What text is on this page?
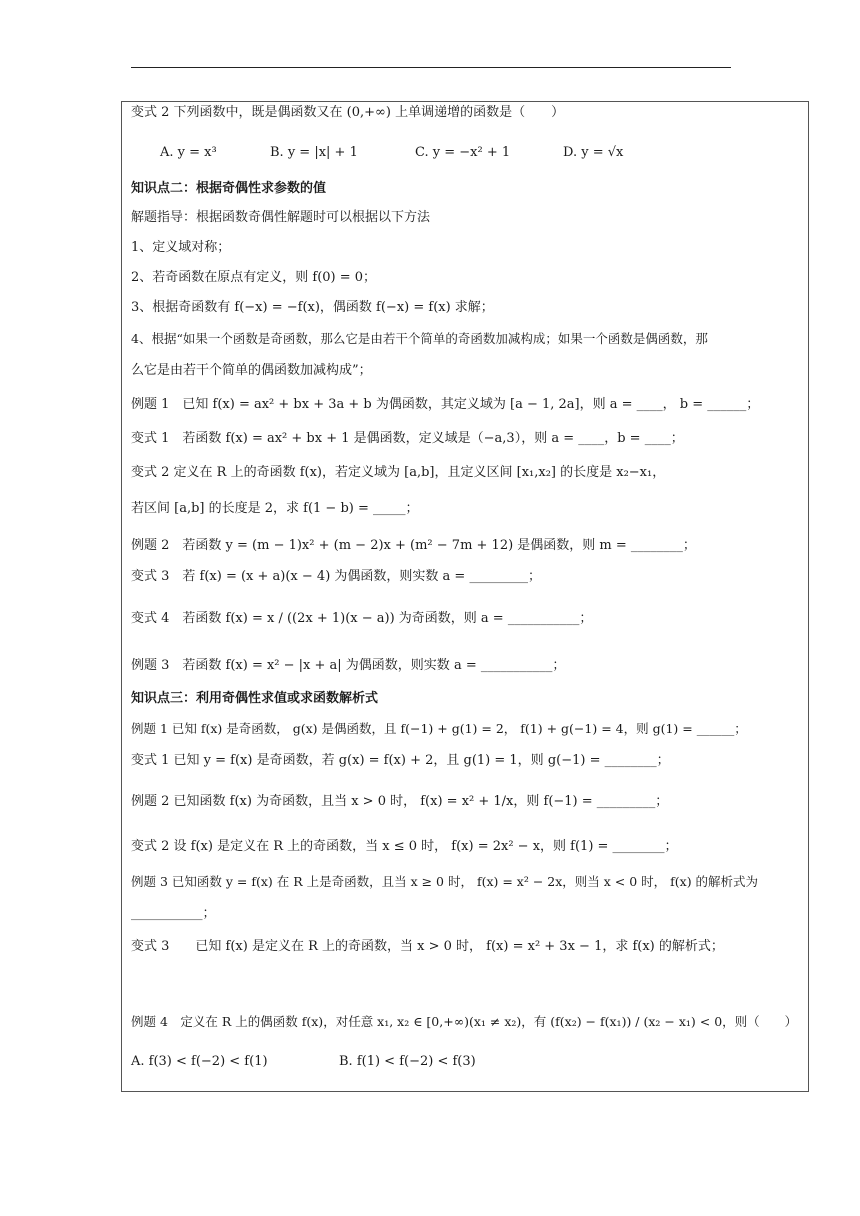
变式 2 下列函数中，既是偶函数又在 (0,+∞) 上单调递增的函数是（　　）
A. y = x³	B. y = |x| + 1	C. y = −x² + 1	D. y = √x
知识点二：根据奇偶性求参数的值
解题指导：根据函数奇偶性解题时可以根据以下方法
1、定义域对称；
2、若奇函数在原点有定义，则 f(0) = 0；
3、根据奇函数有 f(−x) = −f(x)，偶函数 f(−x) = f(x) 求解；
4、根据“如果一个函数是奇函数，那么它是由若干个简单的奇函数加减构成；如果一个函数是偶函数，那
么它是由若干个简单的偶函数加减构成”；
例题 1　已知 f(x) = ax² + bx + 3a + b 为偶函数，其定义域为 [a − 1, 2a]，则 a = ____， b = ______；
变式 1　若函数 f(x) = ax² + bx + 1 是偶函数，定义域是（−a,3），则 a = ____，b = ____；
变式 2 定义在 R 上的奇函数 f(x)，若定义域为 [a,b]，且定义区间 [x₁,x₂] 的长度是 x₂−x₁，
若区间 [a,b] 的长度是 2，求 f(1 − b) = _____；
例题 2　若函数 y = (m − 1)x² + (m − 2)x + (m² − 7m + 12) 是偶函数，则 m = ________；
变式 3　若 f(x) = (x + a)(x − 4) 为偶函数，则实数 a = _________；
变式 4　若函数 f(x) = x / ((2x + 1)(x − a)) 为奇函数，则 a = ___________；
例题 3　若函数 f(x) = x² − |x + a| 为偶函数，则实数 a = ___________；
知识点三：利用奇偶性求值或求函数解析式
例题 1 已知 f(x) 是奇函数， g(x) 是偶函数，且 f(−1) + g(1) = 2， f(1) + g(−1) = 4，则 g(1) = ______；
变式 1 已知 y = f(x) 是奇函数，若 g(x) = f(x) + 2，且 g(1) = 1，则 g(−1) = ________；
例题 2 已知函数 f(x) 为奇函数，且当 x > 0 时， f(x) = x² + 1/x，则 f(−1) = _________；
变式 2 设 f(x) 是定义在 R 上的奇函数，当 x ≤ 0 时， f(x) = 2x² − x，则 f(1) = ________；
例题 3 已知函数 y = f(x) 在 R 上是奇函数，且当 x ≥ 0 时， f(x) = x² − 2x，则当 x < 0 时， f(x) 的解析式为
___________；
变式 3　　已知 f(x) 是定义在 R 上的奇函数，当 x > 0 时， f(x) = x² + 3x − 1，求 f(x) 的解析式；
例题 4　定义在 R 上的偶函数 f(x)，对任意 x₁, x₂ ∈ [0,+∞)(x₁ ≠ x₂)，有 (f(x₂) − f(x₁)) / (x₂ − x₁) < 0，则（　　）
A. f(3) < f(−2) < f(1)	B. f(1) < f(−2) < f(3)
